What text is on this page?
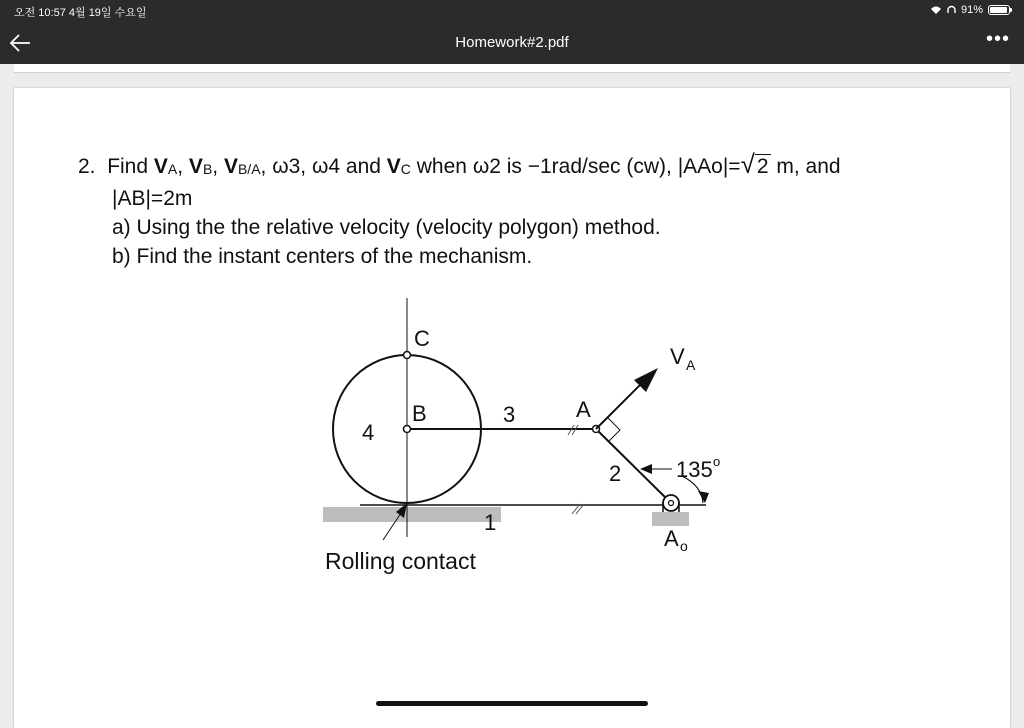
오전 10:57 4월 19일 수요일	91%
Homework#2.pdf	•••
2. Find $V_A$, $V_B$, $V_{B/A}$, ω3, ω4 and $V_C$ when ω2 is −1rad/sec (cw), |AAo|=√2 m, and
|AB|=2m
a) Using the the relative velocity (velocity polygon) method.
b) Find the instant centers of the mechanism.
C
B
4
3	A
V A
2 135 o
1
A o
Rolling contact
